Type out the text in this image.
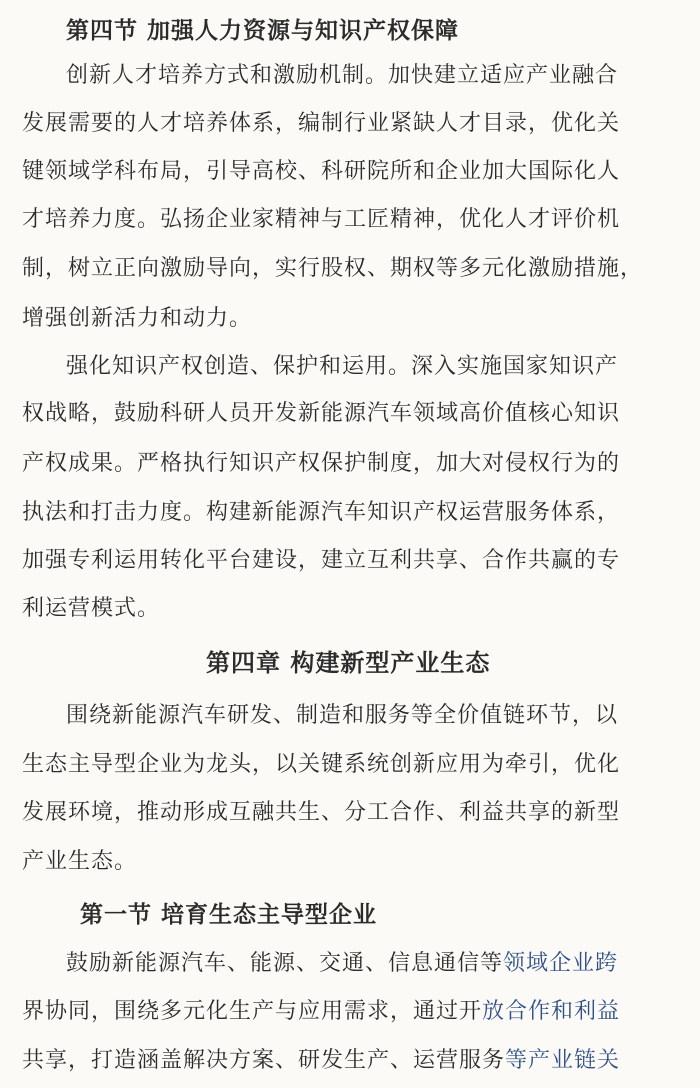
第四节 加强人力资源与知识产权保障
创新人才培养方式和激励机制。加快建立适应产业融合
发展需要的人才培养体系，编制行业紧缺人才目录，优化关
键领域学科布局，引导高校、科研院所和企业加大国际化人
才培养力度。弘扬企业家精神与工匠精神，优化人才评价机
制，树立正向激励导向，实行股权、期权等多元化激励措施，
增强创新活力和动力。
强化知识产权创造、保护和运用。深入实施国家知识产
权战略，鼓励科研人员开发新能源汽车领域高价值核心知识
产权成果。严格执行知识产权保护制度，加大对侵权行为的
执法和打击力度。构建新能源汽车知识产权运营服务体系，
加强专利运用转化平台建设，建立互利共享、合作共赢的专
利运营模式。
第四章 构建新型产业生态
围绕新能源汽车研发、制造和服务等全价值链环节，以
生态主导型企业为龙头，以关键系统创新应用为牵引，优化
发展环境，推动形成互融共生、分工合作、利益共享的新型
产业生态。
第一节 培育生态主导型企业
鼓励新能源汽车、能源、交通、信息通信等领域企业跨
界协同，围绕多元化生产与应用需求，通过开放合作和利益
共享，打造涵盖解决方案、研发生产、运营服务等产业链关
